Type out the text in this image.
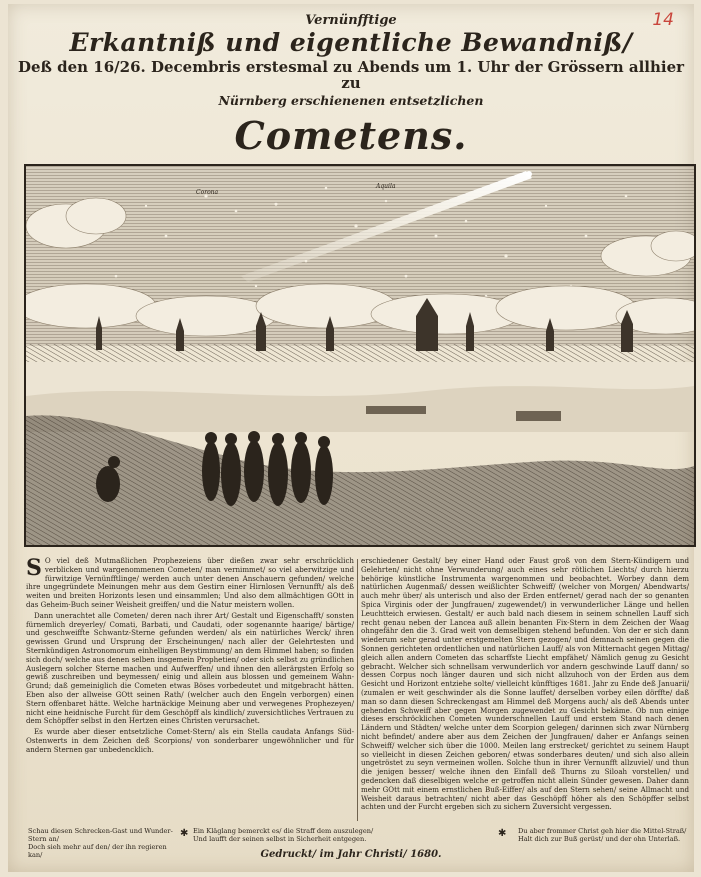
14
Vernünfftige
Erkantniß und eigentliche Bewandniß/
Deß den 16/26. Decembris erstesmal zu Abends um 1. Uhr der Grössern allhier zu
Nürnberg erschienenen entsetzlichen
Cometens.
Corona
Aquila
S O viel deß Mutmaßlichen Prophezeiens über dießen zwar sehr erschröcklich verblicken und wargenommenen Cometen/ man vernimmet/ so viel aberwitzige und fürwitzige Vernünfftlinge/ werden auch unter denen Anschauern gefunden/ welche ihre ungegründete Meinungen mehr aus dem Gestirn einer Hirnlosen Vernunfft/ als deß weiten und breiten Horizonts lesen und einsammlen; Und also dem allmächtigen GOtt in das Geheim-Buch seiner Weisheit greiffen/ und die Natur meistern wollen.

Dann unerachtet alle Cometen/ deren nach ihrer Art/ Gestalt und Eigenschafft/ sonsten fürnemlich dreyerley/ Comati, Barbati, und Caudati, oder sogenannte haarige/ bärtige/ und geschweiffte Schwantz-Sterne gefunden werden/ als ein natürliches Werck/ ihren gewissen Grund und Ursprung der Erscheinungen/ nach aller der Gelehrtesten und Sternkündigen Astronomorum einhelligen Beystimmung/ an dem Himmel haben; so finden sich doch/ welche aus denen selben insgemein Prophetien/ oder sich selbst zu gründlichen Auslegern solcher Sterne machen und Aufwerffen/ und ihnen den allerärgsten Erfolg so gewiß zuschreiben und beymessen/ einig und allein aus blossen und gemeinem Wahn-Grund; daß gemeiniglich die Cometen etwas Böses vorbedeutet und mitgebracht hätten. Eben also der allweise GOtt seinen Rath/ (welcher auch den Engeln verborgen) einen Stern offenbaret hätte. Welche hartnäckige Meinung aber und verwegenes Prophezeyen/ nicht eine heidnische Furcht für dem Geschöpff als kindlich/ zuversichtliches Vertrauen zu dem Schöpffer selbst in den Hertzen eines Christen verursachet.

Es wurde aber dieser entsetzliche Comet-Stern/ als ein Stella caudata Anfangs Süd-Ostenwerts in dem Zeichen deß Scorpions/ von sonderbarer ungewöhnlicher und für andern Sternen gar unbedencklich.

erschiedener Gestalt/ bey einer Hand oder Faust groß von dem Stern-Kündigern und Gelehrten/ nicht ohne Verwunderung/ auch eines sehr rötlichen Liechts/ durch hierzu behörige künstliche Instrumenta wargenommen und beobachtet. Worbey dann dem natürlichen Augenmaß/ dessen weißlichter Schweiff/ (welcher von Morgen/ Abendwarts/ auch mehr über/ als unterisch und also der Erden entfernet/ gerad nach der so genanten Spica Virginis oder der Jungfrauen/ zugewendet/) in verwunderlicher Länge und hellen Leuchtteich erwiesen. Gestalt/ er auch bald nach diesem in seinem schnellen Lauff sich recht genau neben der Lancea auß allein benanten Fix-Stern in dem Zeichen der Waag ohngefähr den die 3. Grad weit von demselbigen stehend befunden. Von der er sich dann wiederum sehr gerad unter erstgemelten Stern gezogen/ und demnach seinen gegen die Sonnen gerichteten ordentlichen und natürlichen Lauff/ als von Mitternacht gegen Mittag/ gleich allen andern Cometen das scharffste Liecht empfähet/ Nämlich genug zu Gesicht gebracht. Welcher sich schnellsam verwunderlich vor andern geschwinde Lauff dann/ so dessen Corpus noch länger dauren und sich nicht allzuhoch von der Erden aus dem Gesicht und Horizont entziehe solte/ vielleicht künfftiges 1681. Jahr zu Ende deß Januarii/ (zumalen er weit geschwinder als die Sonne lauffet/ derselben vorbey eilen dörffte/ daß man so dann diesen Schreckengast am Himmel deß Morgens auch/ als deß Abends unter gehenden Schweiff aber gegen Morgen zugewendet zu Gesicht bekäme. Ob nun einige dieses erschröcklichen Cometen wunderschnellen Lauff und erstem Stand nach denen Ländern und Städten/ welche unter dem Scorpion gelegen/ darinnen sich zwar Nürnberg nicht befindet/ andere aber aus dem Zeichen der Jungfrauen/ daher er Anfangs seinen Schweiff/ welcher sich über die 1000. Meilen lang erstrecket/ gerichtet zu seinem Haupt so vielleicht in diesen Zeichen geboren/ etwas sonderbares deuten/ und sich also allein ungetröstet zu seyn vermeinen wollen. Solche thun in ihrer Vernunfft allzuviel/ und thun die jenigen besser/ welche ihnen den Einfall deß Thurns zu Siloah vorstellen/ und gedencken daß dieselbigen welche er getroffen nicht allein Sünder gewesen. Daher dann mehr GOtt mit einem ernstlichen Buß-Eiffer/ als auf den Stern sehen/ seine Allmacht und Weisheit daraus betrachten/ nicht aber das Geschöpff höher als den Schöpffer selbst achten und der Furcht ergeben sich zu sichern Zuversicht vergessen.

Schau diesen Schrecken-Gast und Wunder-Stern an/
Doch sieh mehr auf den/ der ihn regieren kan/
✱ Ein Kläglang bemerckt es/ die Straff dem auszulegen/
Und laufft der seinen selbst in Sicherheit entgegen.	✱ Du aber frommer Christ geh hier die Mittel-Straß/
Halt dich zur Buß gerüst/ und der ohn Unterlaß.
Gedruckt/ im Jahr Christi/ 1680.
